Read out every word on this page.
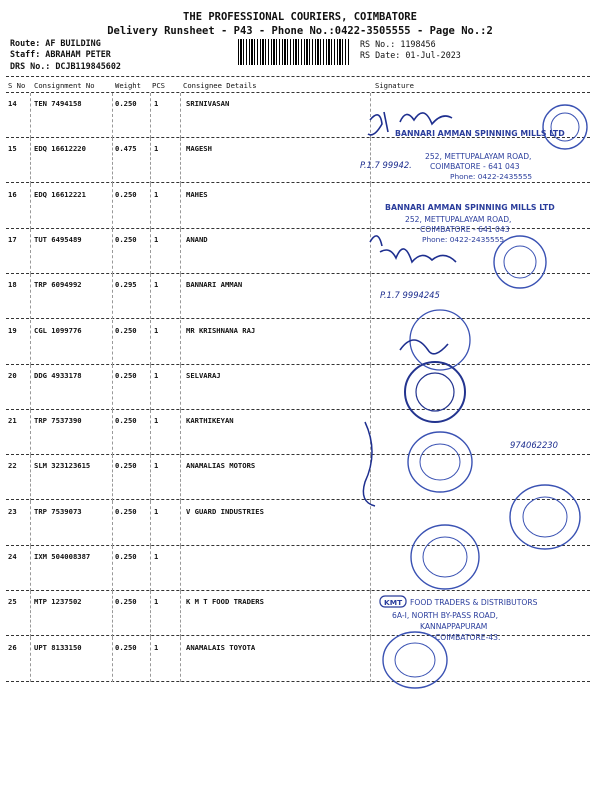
THE PROFESSIONAL COURIERS, COIMBATORE
Delivery Runsheet - P43 - Phone No.:0422-3505555 - Page No.:2
Route: AF BUILDING
Staff: ABRAHAM PETER
DRS No.: DCJB119845602
RS No.: 1198456
RS Date: 01-Jul-2023
S No Consignment No	Weight PCS	Consignee Details	Signature
14 TEN 7494158	0.250 1	SRINIVASAN
15 EDQ 16612220	0.475 1	MAGESH
16 EDQ 16612221	0.250 1	MAHES
17 TUT 6495489	0.250 1	ANAND
18 TRP 6094992	0.295 1	BANNARI AMMAN
19 CGL 1099776	0.250 1	MR KRISHNANA RAJ
20 DDG 4933178	0.250 1	SELVARAJ
21 TRP 7537390	0.250 1	KARTHIKEYAN
22 SLM 323123615	0.250 1	ANAMALIAS MOTORS
23 TRP 7539073	0.250 1	V GUARD INDUSTRIES
24 IXM 504008387	0.250 1
25 MTP 1237502	0.250 1	K M T FOOD TRADERS
26 UPT 8133150	0.250 1	ANAMALAIS TOYOTA
BANNARI AMMAN SPINNING MILLS LTD
252, METTUPALAYAM ROAD,
COIMBATORE - 641 043
Phone: 0422-2435555
P.1.7 99942.
BANNARI AMMAN SPINNING MILLS LTD
252, METTUPALAYAM ROAD,
COIMBATORE - 641 043
Phone: 0422-2435555
P.1.7 9994245
974062230
KMT FOOD TRADERS & DISTRIBUTORS
6A-I, NORTH BY-PASS ROAD,
KANNAPPAPURAM
COIMBATORE-43.
